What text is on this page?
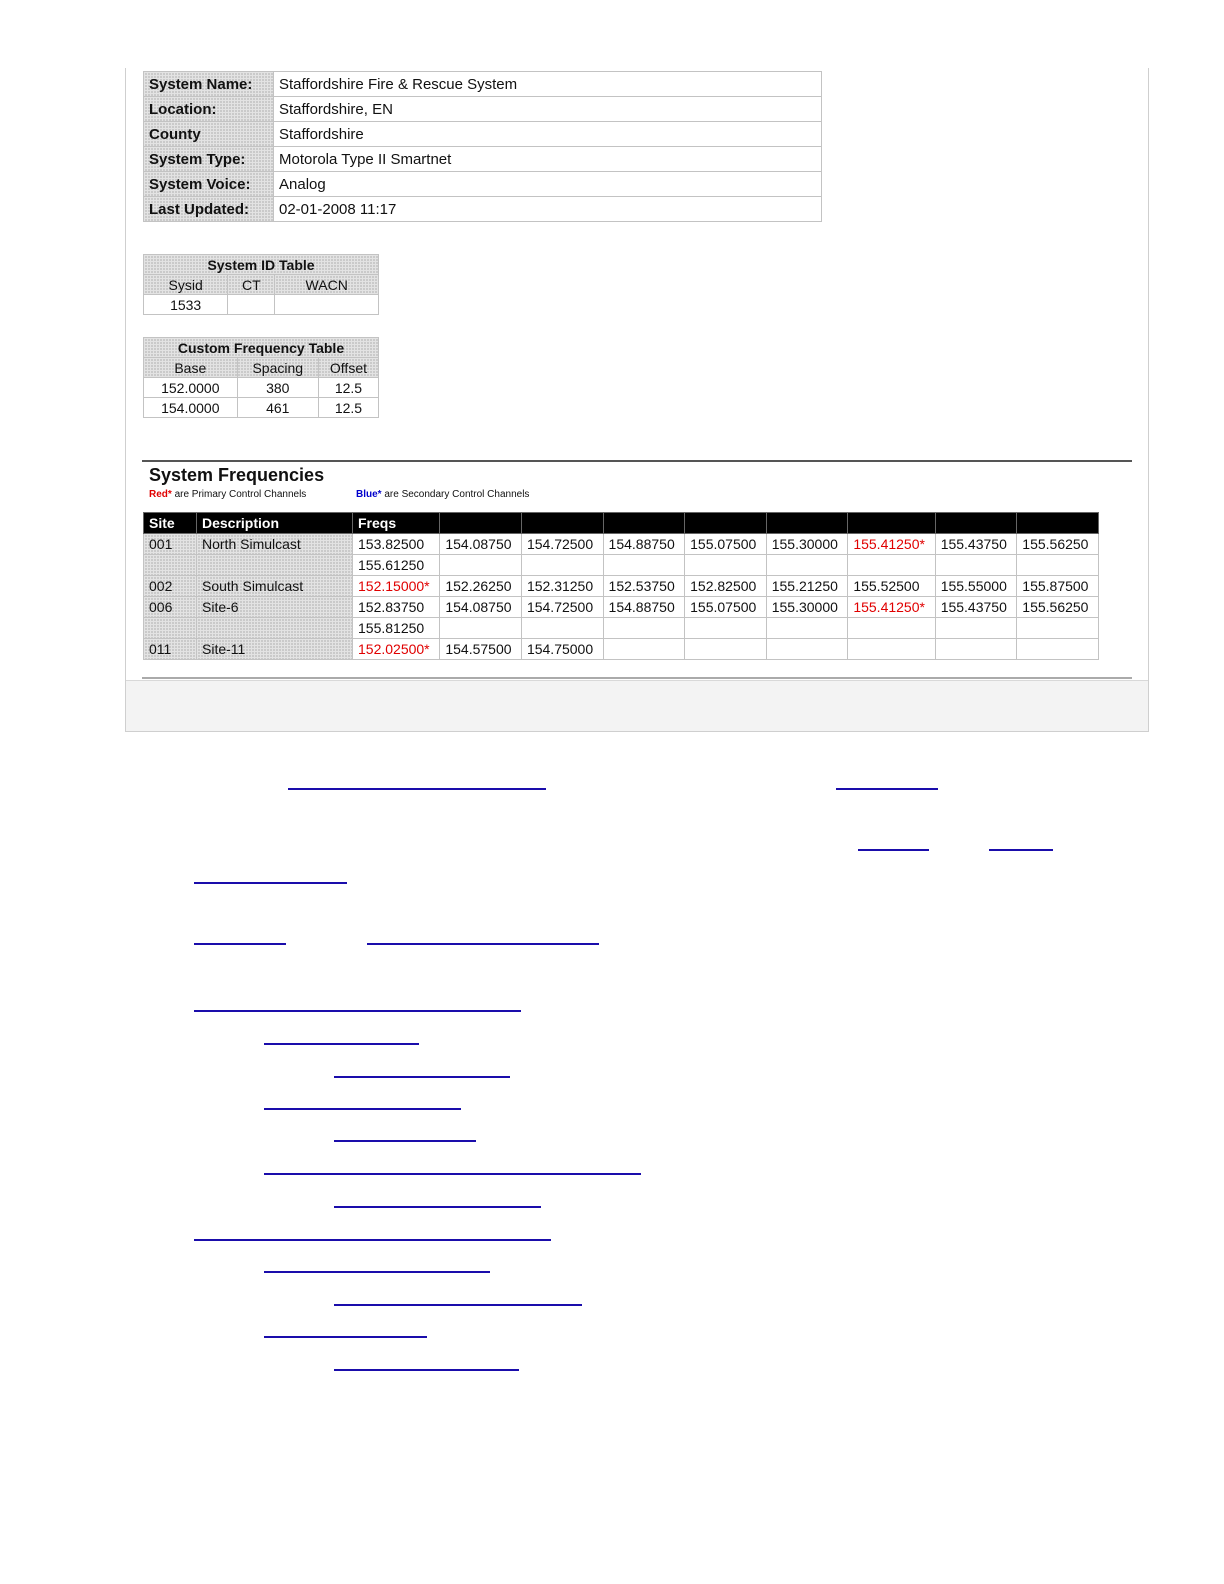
System Name:	Staffordshire Fire & Rescue System
Location:	Staffordshire, EN
County	Staffordshire
System Type:	Motorola Type II Smartnet
System Voice:	Analog
Last Updated:	02-01-2008 11:17
System ID Table		
Sysid	CT	WACN
1533		
Custom Frequency Table		
Base	Spacing	Offset
152.0000	380	12.5
154.0000	461	12.5
System Frequencies
Red* are Primary Control Channels	Blue* are Secondary Control Channels
Site	Description	Freqs								
001	North Simulcast	153.82500	154.08750	154.72500	154.88750	155.07500	155.30000	155.41250*	155.43750	155.56250
		155.61250								
002	South Simulcast	152.15000*	152.26250	152.31250	152.53750	152.82500	155.21250	155.52500	155.55000	155.87500
006	Site-6	152.83750	154.08750	154.72500	154.88750	155.07500	155.30000	155.41250*	155.43750	155.56250
		155.81250								
011	Site-11	152.02500*	154.57500	154.75000						
